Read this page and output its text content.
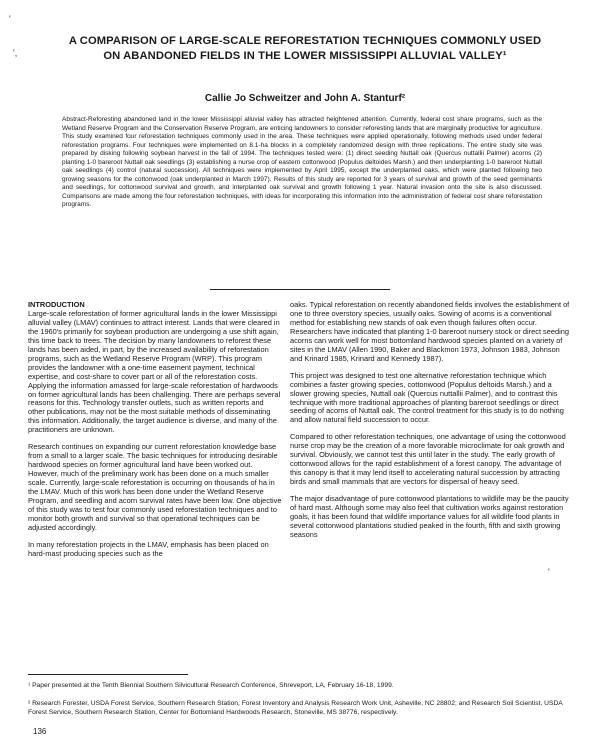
'
',
'
A COMPARISON OF LARGE-SCALE REFORESTATION TECHNIQUES COMMONLY USED ON ABANDONED FIELDS IN THE LOWER MISSISSIPPI ALLUVIAL VALLEY¹
Callie Jo Schweitzer and John A. Stanturf²

Abstract-Reforesting abandoned land in the lower Mississippi alluvial valley has attracted heightened attention. Currently, federal cost share programs, such as the Wetland Reserve Program and the Conservation Reserve Program, are enticing landowners to consider reforesting lands that are marginally productive for agriculture. This study examined four reforestation techniques commonly used in the area. These techniques were applied operationally, following methods used under federal reforestation programs. Four techniques were implemented on 8.1-ha blocks in a completely randomized design with three replications. The entire study site was prepared by disking following soybean harvest in the fall of 1994. The techniques tested were: (1) direct seeding Nuttall oak (Quercus nuttallii Palmer) acorns (2) planting 1-0 bareroot Nuttall oak seedlings (3) establishing a nurse crop of eastern cottonwood (Populus deltoides Marsh.) and then underplanting 1-0 bareroot Nuttall oak seedlings (4) control (natural succession). All techniques were implemented by April 1995, except the underplanted oaks, which were planted following two growing seasons for the cottonwood (oak underplanted in March 1997). Results of this study are reported for 3 years of survival and growth of the seed germinants and seedlings, for cottonwood survival and growth, and interplanted oak survival and growth following 1 year. Natural invasion onto the site is also discussed. Comparisons are made among the four reforestation techniques, with ideas for incorporating this information into the administration of federal cost share reforestation programs.

INTRODUCTION

Large-scale reforestation of former agricultural lands in the lower Mississippi alluvial valley (LMAV) continues to attract interest. Lands that were cleared in the 1960's primarily for soybean production are undergoing a use shift again, this time back to trees. The decision by many landowners to reforest these lands has been aided, in part, by the increased availability of reforestation programs, such as the Wetland Reserve Program (WRP). This program provides the landowner with a one-time easement payment, technical expertise, and cost-share to cover part or all of the reforestation costs. Applying the information amassed for large-scale reforestation of hardwoods on former agricultural lands has been challenging. There are perhaps several reasons for this. Technology transfer outlets, such as written reports and other publications, may not be the most suitable methods of disseminating this information. Additionally, the target audience is diverse, and many of the practitioners are unknown.

Research continues on expanding our current reforestation knowledge base from a small to a larger scale. The basic techniques for introducing desirable hardwood species on former agricultural land have been worked out. However, much of the preliminary work has been done on a much smaller scale. Currently, large-scale reforestation is occurring on thousands of ha in the LMAV. Much of this work has been done under the Wetland Reserve Program, and seedling and acorn survival rates have been low. One objective of this study was to test four commonly used reforestation techniques and to monitor both growth and survival so that operational techniques can be adjusted accordingly.

In many reforestation projects in the LMAV, emphasis has been placed on hard-mast producing species such as the

oaks. Typical reforestation on recently abandoned fields involves the establishment of one to three overstory species, usually oaks. Sowing of acorns is a conventional method for establishing new stands of oak even though failures often occur. Researchers have indicated that planting 1-0 bareroot nursery stock or direct seeding acorns can work well for most bottomland hardwood species planted on a variety of sites in the LMAV (Allen 1990, Baker and Blackmon 1973, Johnson 1983, Johnson and Krinard 1985, Krinard and Kennedy 1987).

This project was designed to test one alternative reforestation technique which combines a faster growing species, cottonwood (Populus deltoids Marsh.) and a slower growing species, Nuttall oak (Quercus nuttallii Palmer), and to contrast this technique with more traditional approaches of planting bareroot seedlings or direct seeding of acorns of Nuttall oak. The control treatment for this study is to do nothing and allow natural field succession to occur.

Compared to other reforestation techniques, one advantage of using the cottonwood nurse crop may be the creation of a more favorable microclimate for oak growth and survival. Obviously, we cannot test this until later in the study. The early growth of cottonwood allows for the rapid establishment of a forest canopy. The advantage of this canopy is that it may lend itself to accelerating natural succession by attracting birds and small mammals that are vectors for dispersal of heavy seed.

The major disadvantage of pure cottonwood plantations to wildlife may be the paucity of hard mast. Although some may also feel that cultivation works against restoration goals, it has been found that wildlife importance values for all wildlife food plants in several cottonwood plantations studied peaked in the fourth, fifth and sixth growing seasons

¹ Paper presented at the Tenth Biennial Southern Silvicultural Research Conference, Shreveport, LA, February 16-18, 1999.

² Research Forester, USDA Forest Service, Southern Research Station, Forest Inventory and Analysis Research Work Unit, Asheville, NC 28802; and Research Soil Scientist, USDA Forest Service, Southern Research Station, Center for Bottomland Hardwoods Research, Stoneville, MS 38776, respectively.

136
